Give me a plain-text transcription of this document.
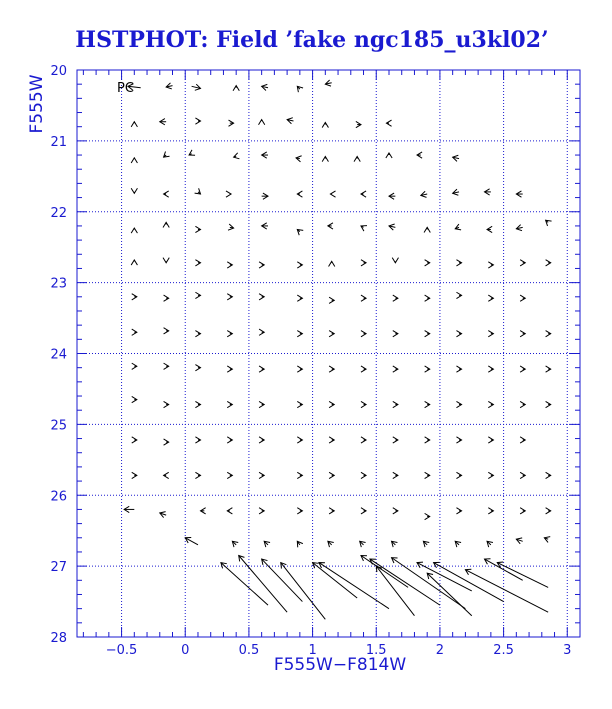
HSTPHOT: Field ’fake ngc185_u3kl02’
−0.5	0	0.5	1	1.5	2	2.5	3
20
21
22
23
24
25
26
27
28
PC
F555W−F814W
F555W
